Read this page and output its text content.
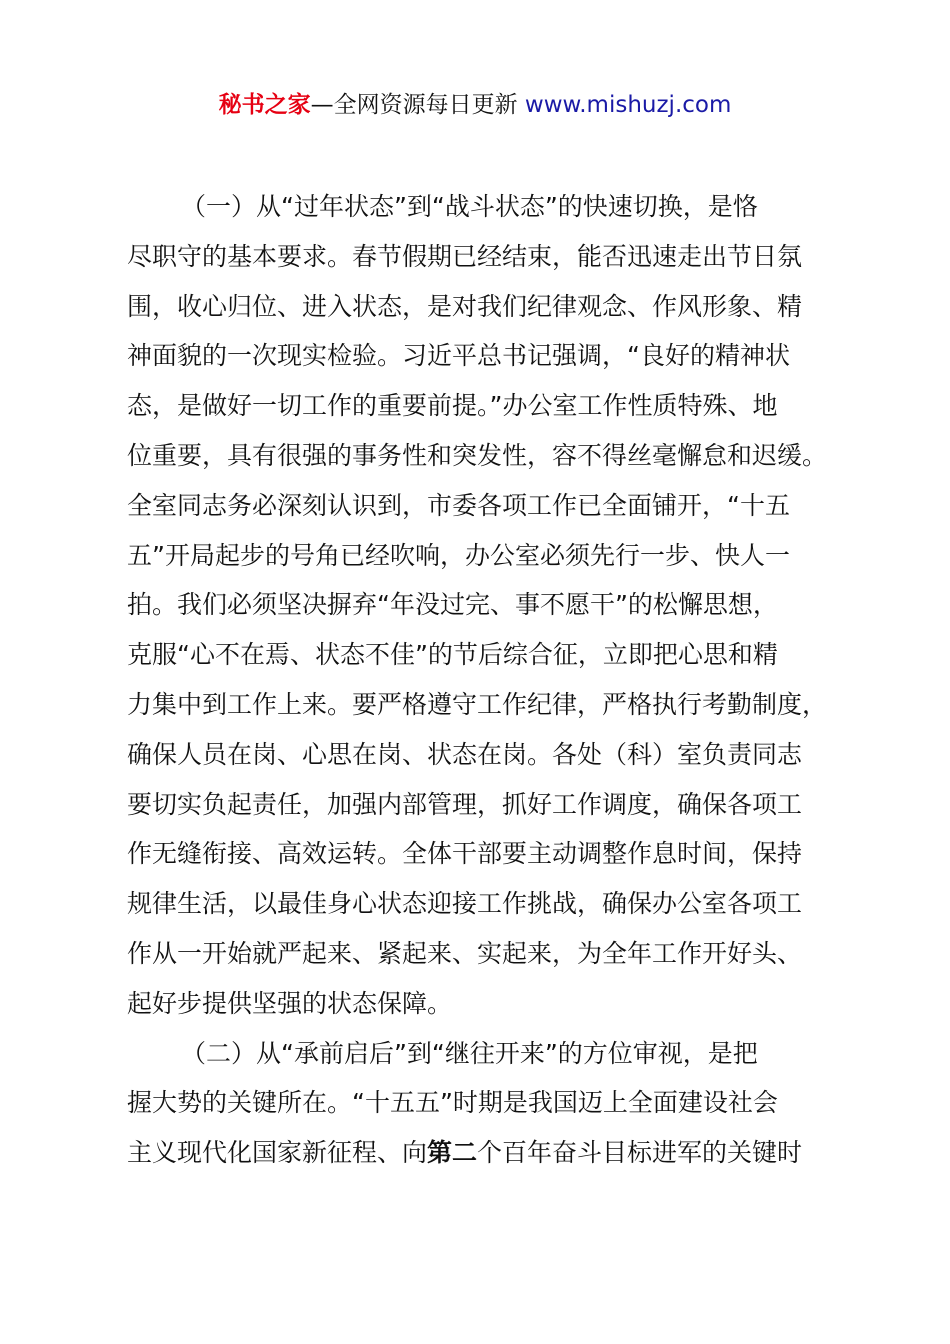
秘书之家—全网资源每日更新 www.mishuzj.com
（一）从“过年状态”到“战斗状态”的快速切换，是恪
尽职守的基本要求。春节假期已经结束，能否迅速走出节日氛
围，收心归位、进入状态，是对我们纪律观念、作风形象、精
神面貌的一次现实检验。习近平总书记强调，“良好的精神状
态，是做好一切工作的重要前提。”办公室工作性质特殊、地
位重要，具有很强的事务性和突发性，容不得丝毫懈怠和迟缓。
全室同志务必深刻认识到，市委各项工作已全面铺开，“十五
五”开局起步的号角已经吹响，办公室必须先行一步、快人一
拍。我们必须坚决摒弃“年没过完、事不愿干”的松懈思想，
克服“心不在焉、状态不佳”的节后综合征，立即把心思和精
力集中到工作上来。要严格遵守工作纪律，严格执行考勤制度，
确保人员在岗、心思在岗、状态在岗。各处（科）室负责同志
要切实负起责任，加强内部管理，抓好工作调度，确保各项工
作无缝衔接、高效运转。全体干部要主动调整作息时间，保持
规律生活，以最佳身心状态迎接工作挑战，确保办公室各项工
作从一开始就严起来、紧起来、实起来，为全年工作开好头、
起好步提供坚强的状态保障。
（二）从“承前启后”到“继往开来”的方位审视，是把
握大势的关键所在。“十五五”时期是我国迈上全面建设社会
主义现代化国家新征程、向第二个百年奋斗目标进军的关键时
